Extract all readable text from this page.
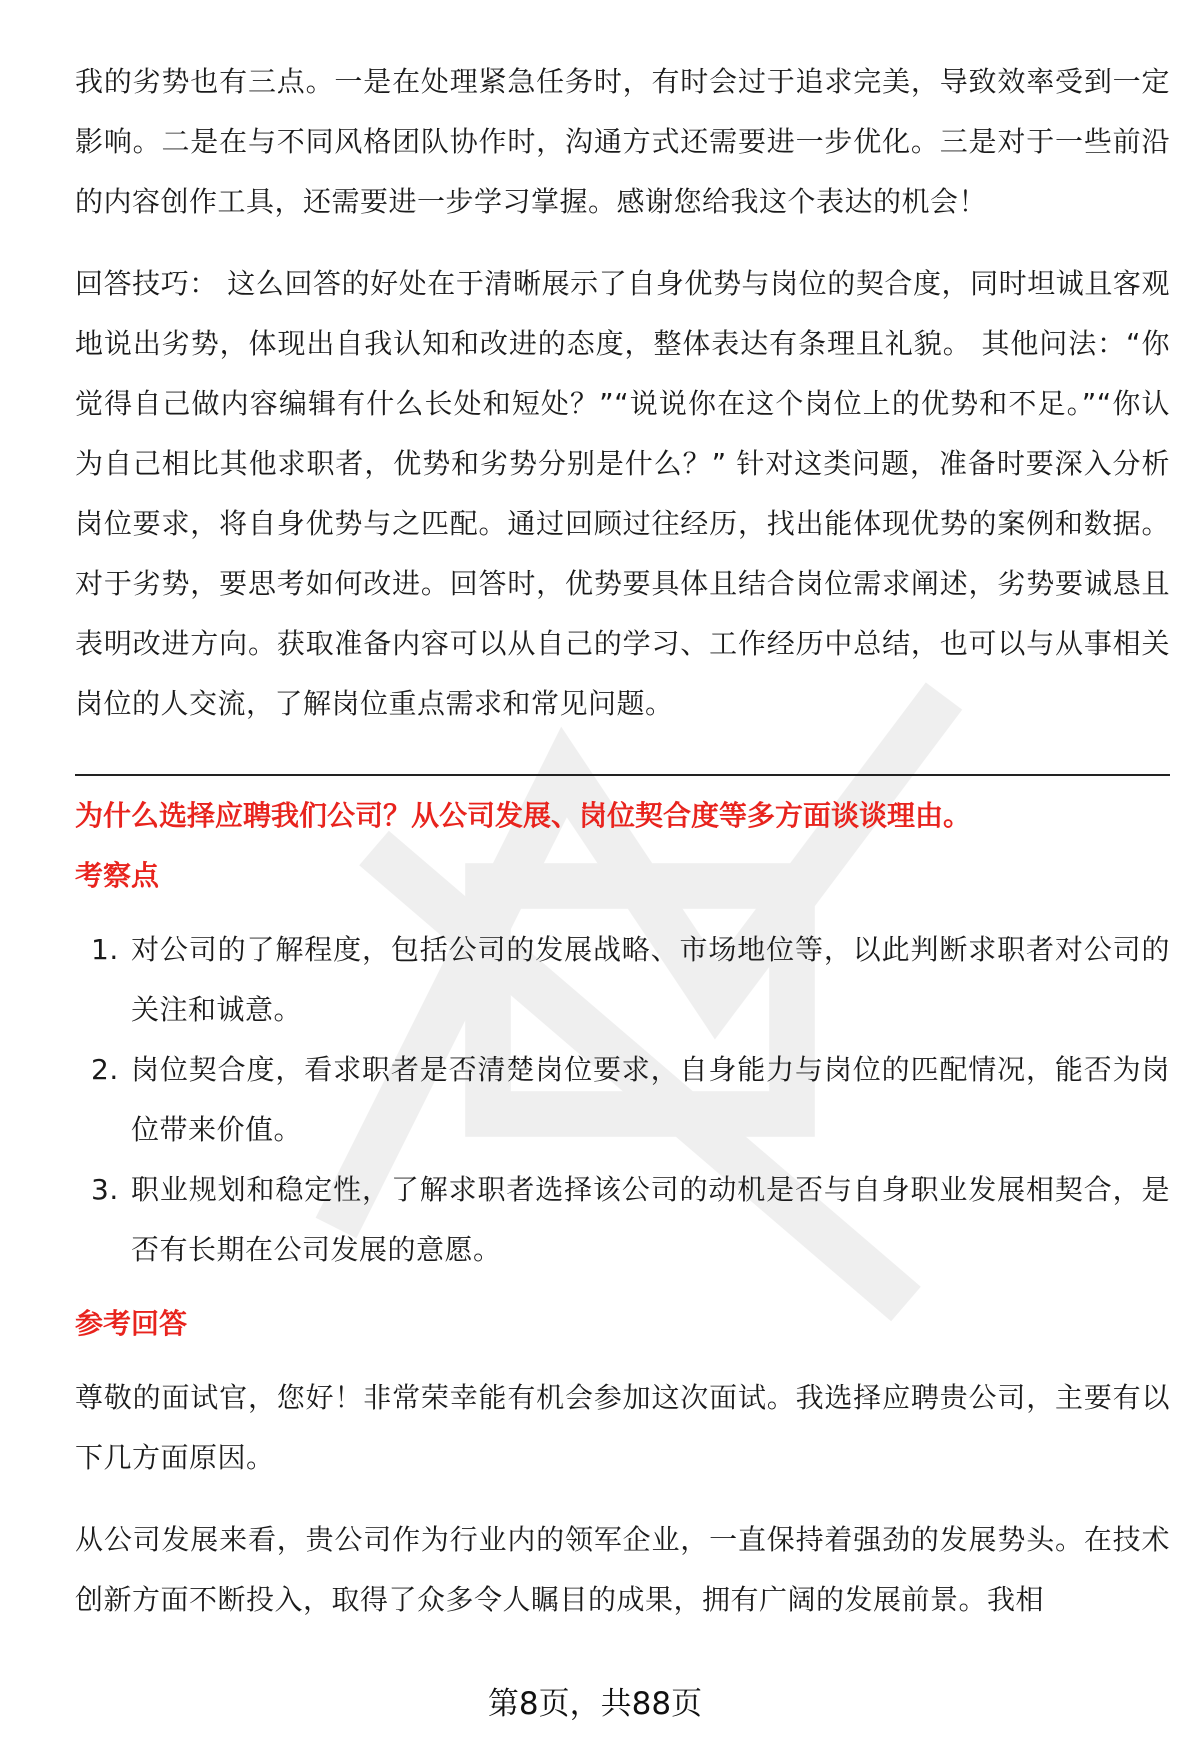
我的劣势也有三点。一是在处理紧急任务时，有时会过于追求完美，导致效率受到一定影响。二是在与不同风格团队协作时，沟通方式还需要进一步优化。三是对于一些前沿的内容创作工具，还需要进一步学习掌握。感谢您给我这个表达的机会！

回答技巧： 这么回答的好处在于清晰展示了自身优势与岗位的契合度，同时坦诚且客观地说出劣势，体现出自我认知和改进的态度，整体表达有条理且礼貌。 其他问法：“你觉得自己做内容编辑有什么长处和短处？”“说说你在这个岗位上的优势和不足。”“你认为自己相比其他求职者，优势和劣势分别是什么？” 针对这类问题，准备时要深入分析岗位要求，将自身优势与之匹配。通过回顾过往经历，找出能体现优势的案例和数据。对于劣势，要思考如何改进。回答时，优势要具体且结合岗位需求阐述，劣势要诚恳且表明改进方向。获取准备内容可以从自己的学习、工作经历中总结，也可以与从事相关岗位的人交流，了解岗位重点需求和常见问题。

为什么选择应聘我们公司？从公司发展、岗位契合度等多方面谈谈理由。

考察点

1. 对公司的了解程度，包括公司的发展战略、市场地位等，以此判断求职者对公司的关注和诚意。
2. 岗位契合度，看求职者是否清楚岗位要求，自身能力与岗位的匹配情况，能否为岗位带来价值。
3. 职业规划和稳定性，了解求职者选择该公司的动机是否与自身职业发展相契合，是否有长期在公司发展的意愿。

参考回答

尊敬的面试官，您好！非常荣幸能有机会参加这次面试。我选择应聘贵公司，主要有以下几方面原因。

从公司发展来看，贵公司作为行业内的领军企业，一直保持着强劲的发展势头。在技术创新方面不断投入，取得了众多令人瞩目的成果，拥有广阔的发展前景。我相

第8页，共88页
